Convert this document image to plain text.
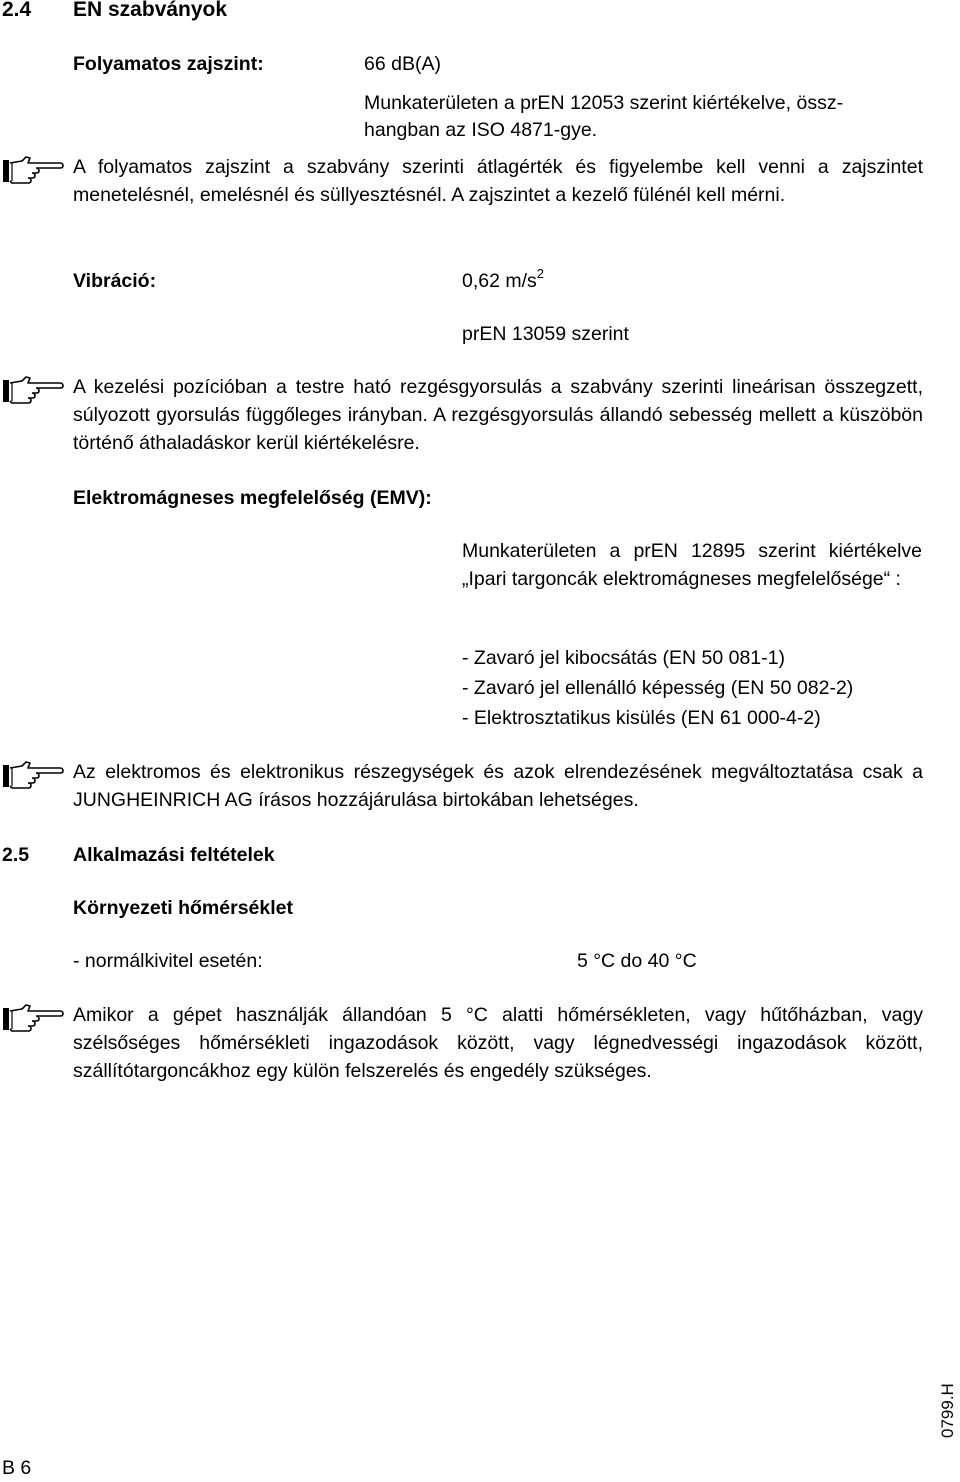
2.4 EN szabványok
Folyamatos zajszint:	66 dB(A)
Munkaterületen a prEN 12053 szerint kiértékelve, össz-
hangban az ISO 4871-gye.
A folyamatos zajszint a szabvány szerinti átlagérték és figyelembe kell venni a zajszintet menetelésnél, emelésnél és süllyesztésnél. A zajszintet a kezelő fülénél kell mérni.
Vibráció:	0,62 $m/s^2$
prEN 13059 szerint
A kezelési pozícióban a testre ható rezgésgyorsulás a szabvány szerinti lineárisan összegzett, súlyozott gyorsulás függőleges irányban. A rezgésgyorsulás állandó sebesség mellett a küszöbön történő áthaladáskor kerül kiértékelésre.
Elektromágneses megfelelőség (EMV):
Munkaterületen a prEN 12895 szerint kiértékelve „Ipari targoncák elektromágneses megfelelősége“ :
- Zavaró jel kibocsátás (EN 50 081-1)
- Zavaró jel ellenálló képesség (EN 50 082-2)
- Elektrosztatikus kisülés (EN 61 000-4-2)
Az elektromos és elektronikus részegységek és azok elrendezésének megváltoztatása csak a JUNGHEINRICH AG írásos hozzájárulása birtokában lehetséges.
2.5 Alkalmazási feltételek
Környezeti hőmérséklet
- normálkivitel esetén:	5 °C do 40 °C
Amikor a gépet használják állandóan 5 °C alatti hőmérsékleten, vagy hűtőházban, vagy szélsőséges hőmérsékleti ingazodások között, vagy légnedvességi ingazodások között, szállítótargoncákhoz egy külön felszerelés és engedély szükséges.
0799.H
B 6
